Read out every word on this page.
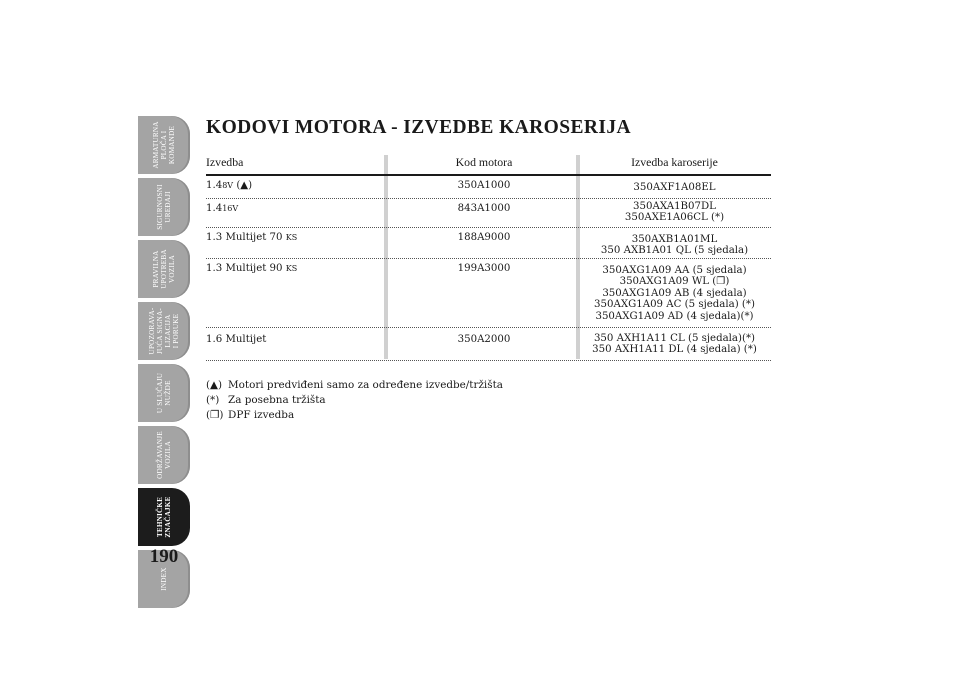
ARMATURNA
PLOČA I
KOMANDE
SIGURNOSNI
UREĐAJI
PRAVILNA
UPOTREBA
VOZILA
UPOZORAVA-
JUĆA SIGNA-
LIZACIJA
I PORUKE
U SLUČAJU
NUŽDE
ODRŽAVANJE
VOZILA
TEHNIČKE
ZNAČAJKE
INDEX
190
KODOVI MOTORA - IZVEDBE KAROSERIJA
Izvedba	Kod motora	Izvedba karoserije
1.48V (▲)	350A1000	350AXF1A08EL
1.416V	843A1000	350AXA1B07DL
350AXE1A06CL (*)
1.3 Multijet 70 KS	188A9000	350AXB1A01ML
350 AXB1A01 QL (5 sjedala)
1.3 Multijet 90 KS	199A3000	350AXG1A09 AA (5 sjedala)
350AXG1A09 WL (❐)
350AXG1A09 AB (4 sjedala)
350AXG1A09 AC (5 sjedala) (*)
350AXG1A09 AD (4 sjedala)(*)
1.6 Multijet	350A2000	350 AXH1A11 CL (5 sjedala)(*)
350 AXH1A11 DL (4 sjedala) (*)
(▲) Motori predviđeni samo za određene izvedbe/tržišta
(*) Za posebna tržišta
(❐) DPF izvedba
